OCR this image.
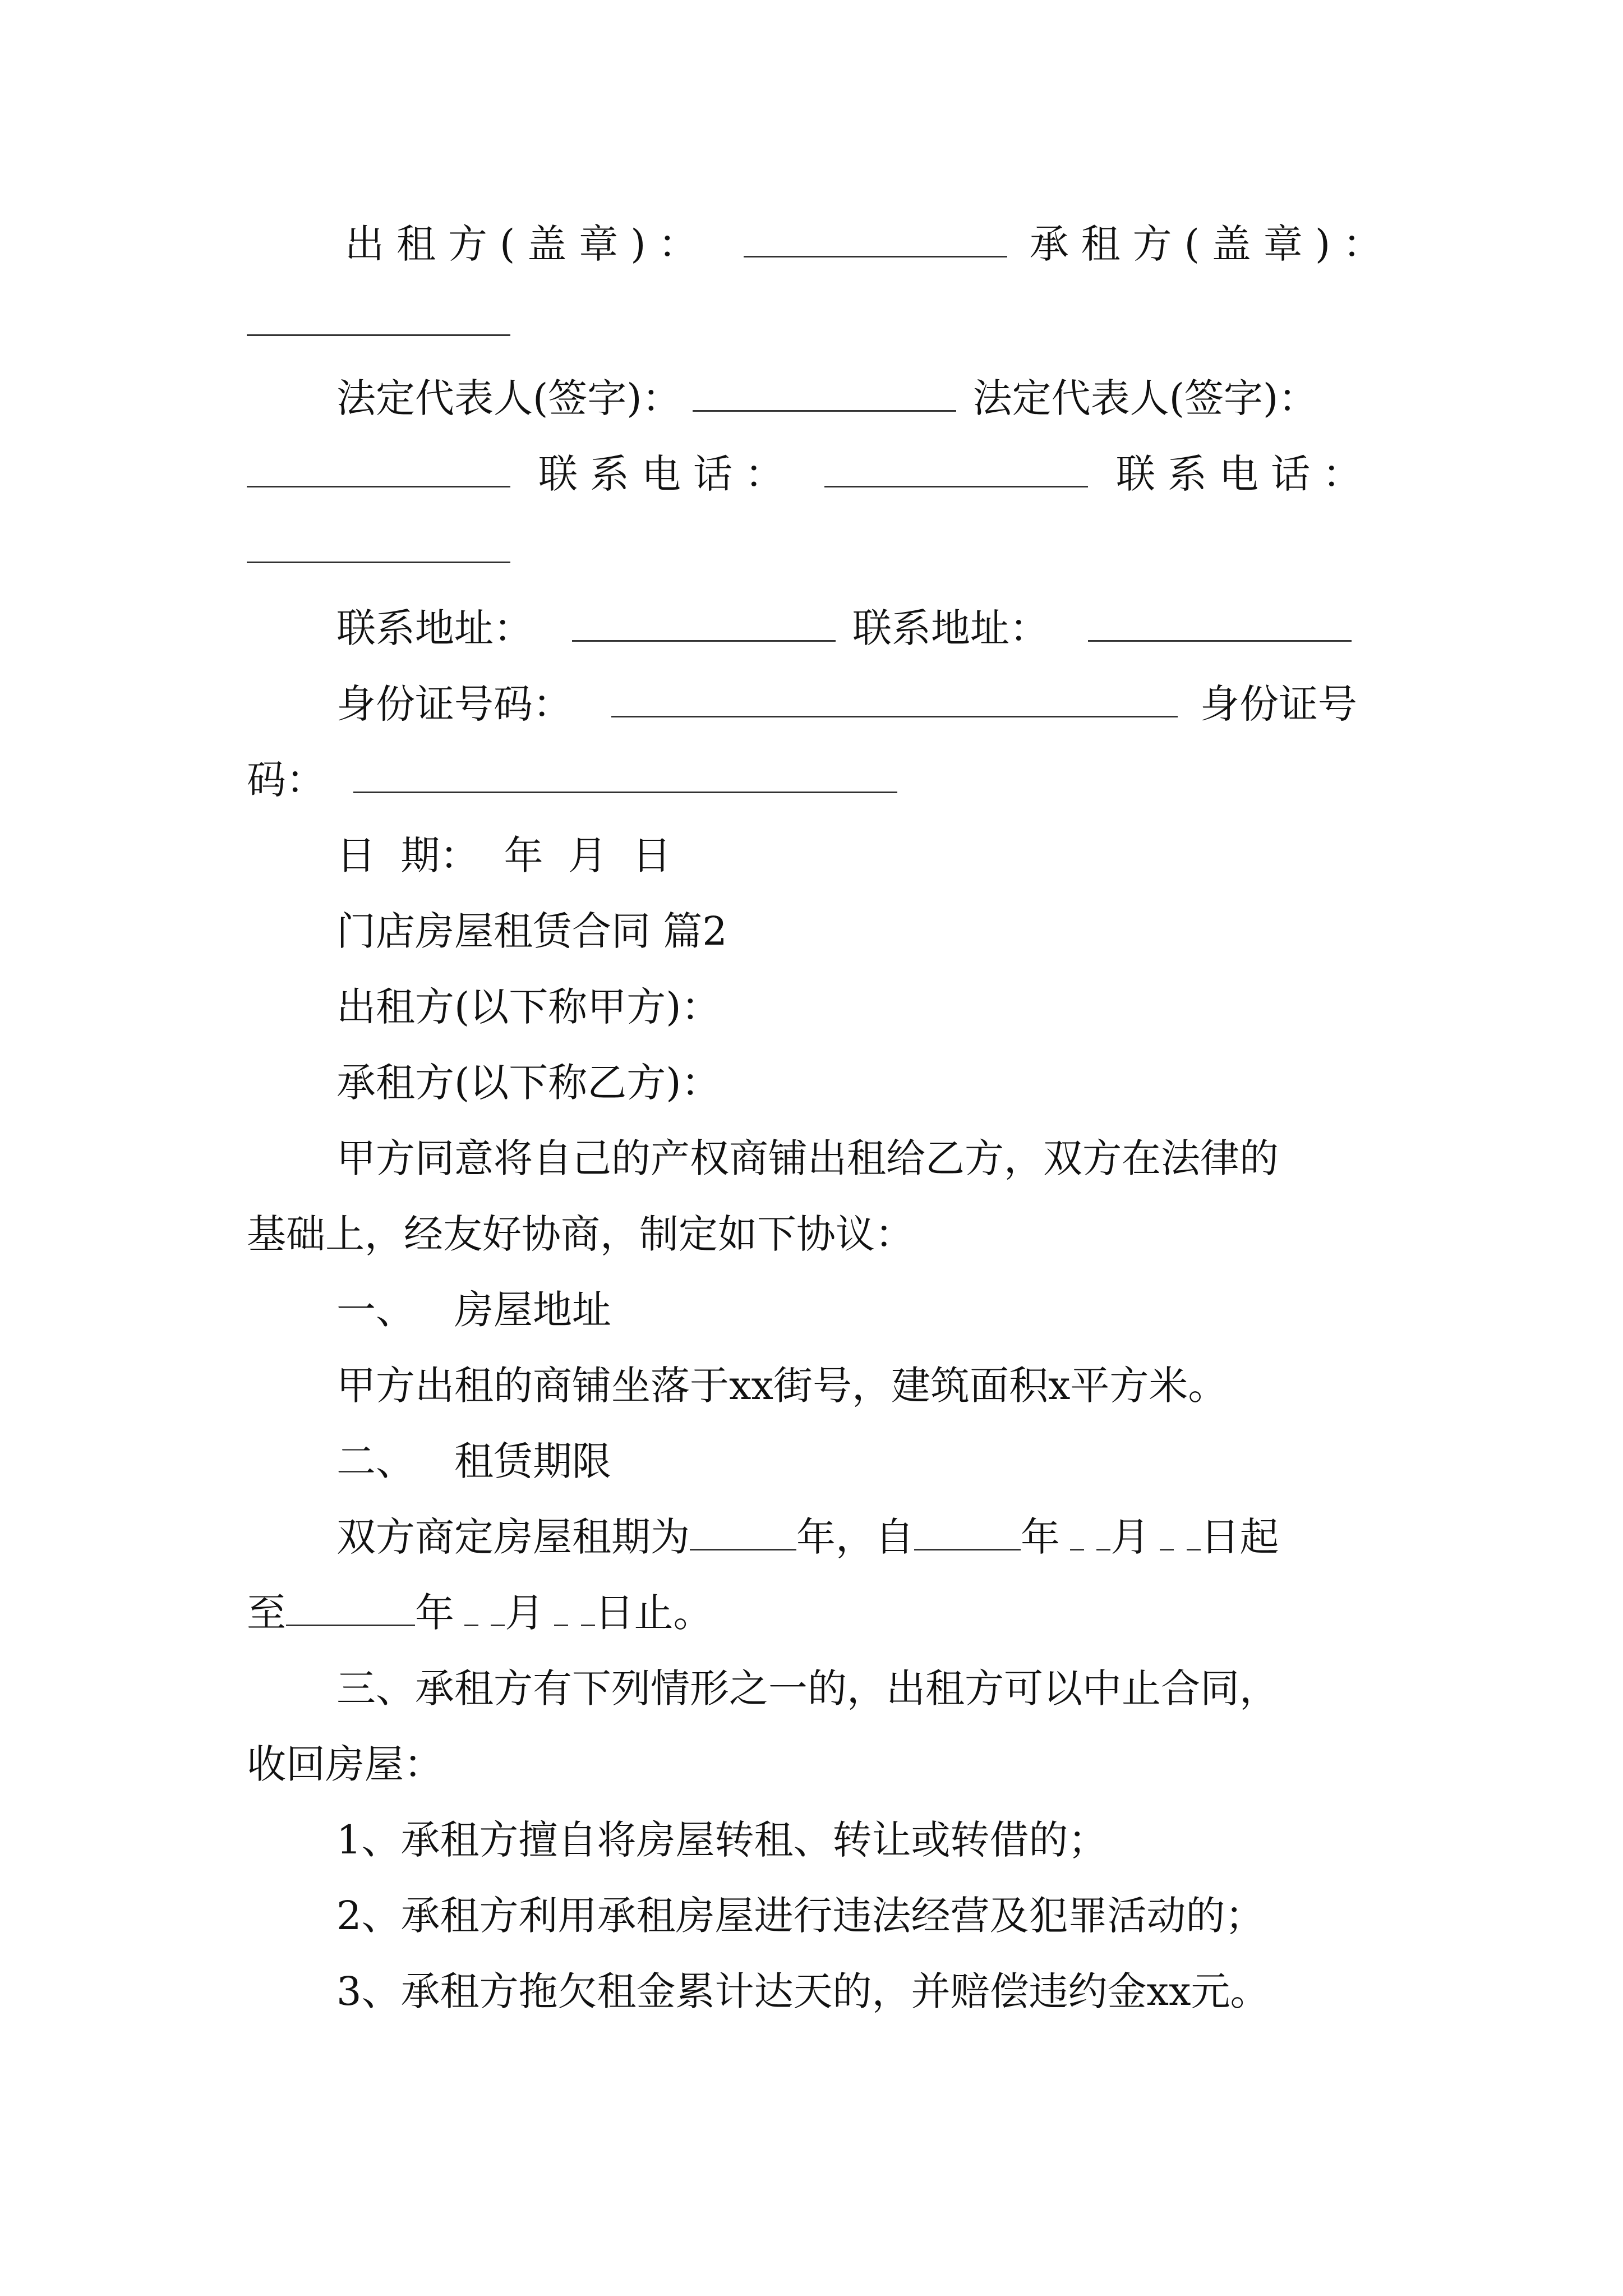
出租方(盖章)：	承租方(盖章)：
法定代表人(签字)：	法定代表人(签字)：
联系电话：	联系电话：
联系地址：	联系地址：
身份证号码：	身份证号
码：
日 期： 年 月 日
门店房屋租赁合同 篇2
出租方(以下称甲方)：
承租方(以下称乙方)：
甲方同意将自己的产权商铺出租给乙方，双方在法律的
基础上，经友好协商，制定如下协议：
一、 房屋地址
甲方出租的商铺坐落于xx街号，建筑面积x平方米。
二、 租赁期限
双方商定房屋租期为	年，自	年 月 日起
至	年 月 日止。
三、承租方有下列情形之一的，出租方可以中止合同，
收回房屋：
1、承租方擅自将房屋转租、转让或转借的；
2、承租方利用承租房屋进行违法经营及犯罪活动的；
3、承租方拖欠租金累计达天的，并赔偿违约金xx元。
